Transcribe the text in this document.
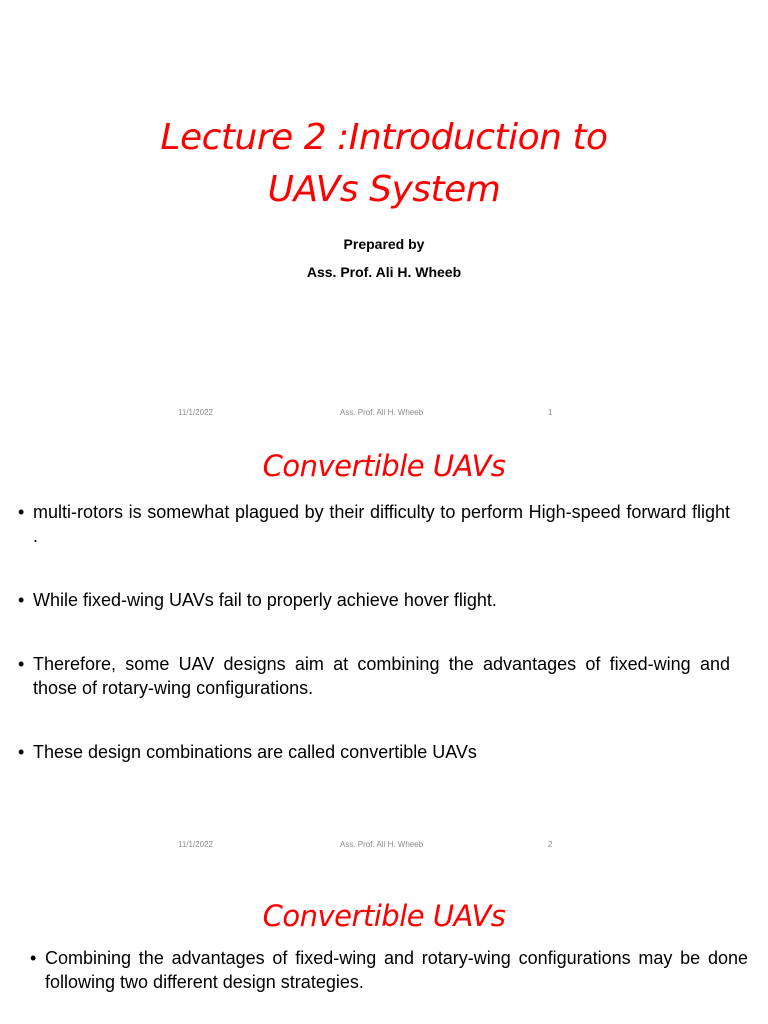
Lecture 2 :Introduction to
UAVs System
Prepared by
Ass. Prof. Ali H. Wheeb
11/1/2022	Ass. Prof. Ali H. Wheeb	1
Convertible UAVs
• multi-rotors is somewhat plagued by their difficulty to perform High-speed forward flight .
• While fixed-wing UAVs fail to properly achieve hover flight.
• Therefore, some UAV designs aim at combining the advantages of fixed-wing and those of rotary-wing configurations.
• These design combinations are called convertible UAVs
11/1/2022	Ass. Prof. Ali H. Wheeb	2
Convertible UAVs
• Combining the advantages of fixed-wing and rotary-wing configurations may be done following two different design strategies.
